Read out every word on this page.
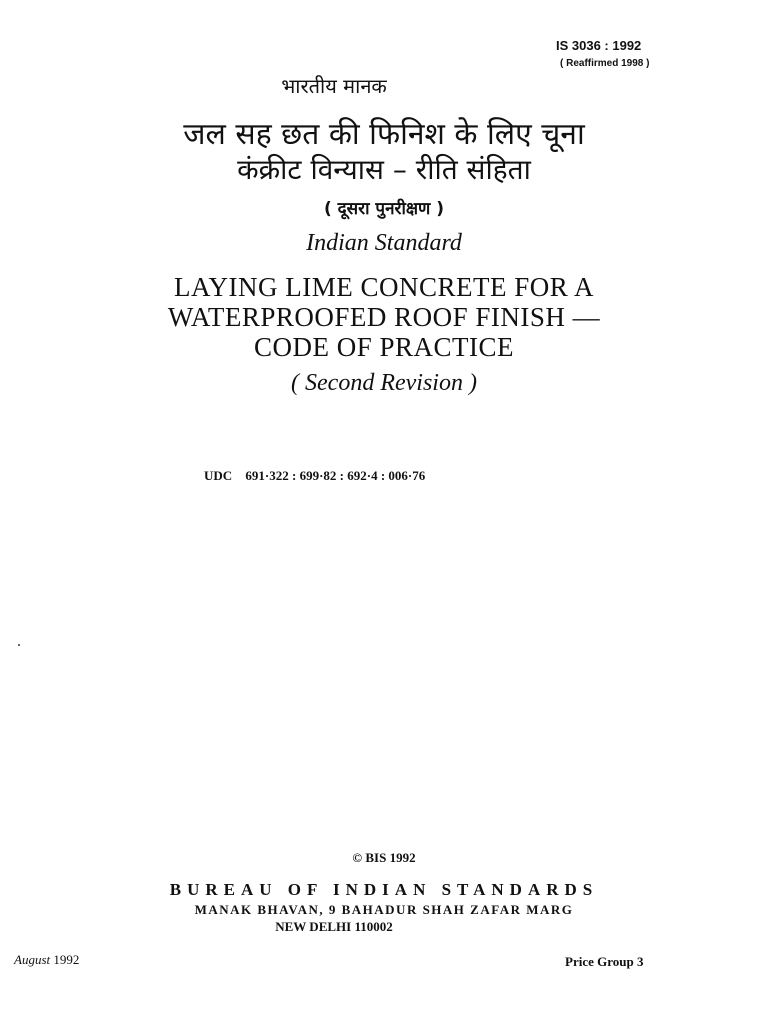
IS 3036 : 1992
( Reaffirmed 1998 )
भारतीय मानक
जल सह छत की फिनिश के लिए चूना
कंक्रीट विन्यास – रीति संहिता
( दूसरा पुनरीक्षण )
Indian Standard
LAYING LIME CONCRETE FOR A
WATERPROOFED ROOF FINISH —
CODE OF PRACTICE
( Second Revision )
UDC 691·322 : 699·82 : 692·4 : 006·76
© BIS 1992
BUREAU OF INDIAN STANDARDS
MANAK BHAVAN, 9 BAHADUR SHAH ZAFAR MARG
NEW DELHI 110002
August 1992	Price Group 3
